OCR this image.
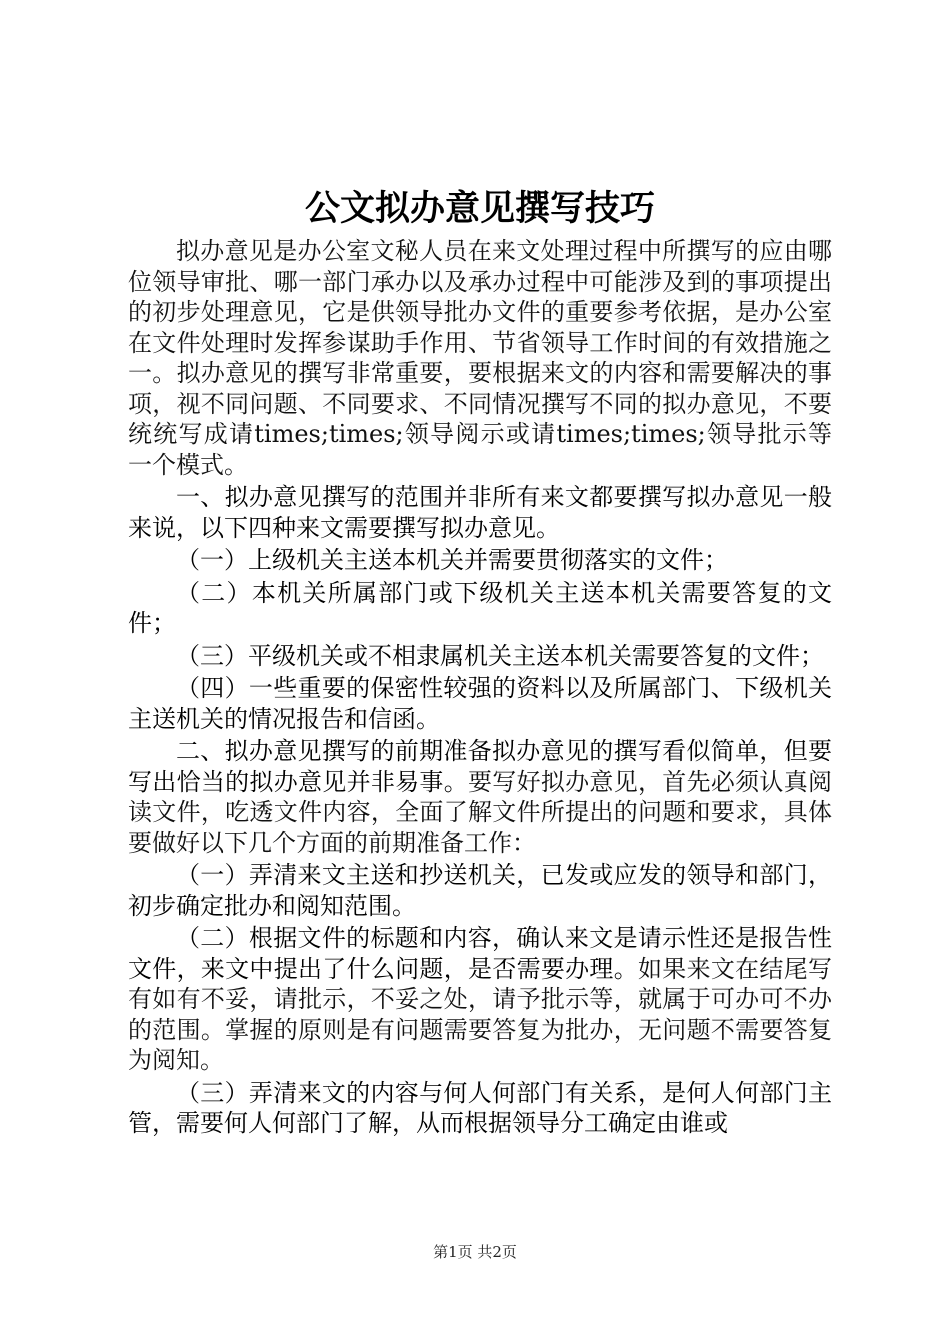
公文拟办意见撰写技巧

拟办意见是办公室文秘人员在来文处理过程中所撰写的应由哪位领导审批、哪一部门承办以及承办过程中可能涉及到的事项提出的初步处理意见，它是供领导批办文件的重要参考依据，是办公室在文件处理时发挥参谋助手作用、节省领导工作时间的有效措施之一。拟办意见的撰写非常重要，要根据来文的内容和需要解决的事项，视不同问题、不同要求、不同情况撰写不同的拟办意见，不要统统写成请times;times;领导阅示或请times;times;领导批示等一个模式。

一、拟办意见撰写的范围并非所有来文都要撰写拟办意见一般来说，以下四种来文需要撰写拟办意见。

（一）上级机关主送本机关并需要贯彻落实的文件；

（二）本机关所属部门或下级机关主送本机关需要答复的文件；

（三）平级机关或不相隶属机关主送本机关需要答复的文件；

（四）一些重要的保密性较强的资料以及所属部门、下级机关主送机关的情况报告和信函。

二、拟办意见撰写的前期准备拟办意见的撰写看似简单，但要写出恰当的拟办意见并非易事。要写好拟办意见，首先必须认真阅读文件，吃透文件内容，全面了解文件所提出的问题和要求，具体要做好以下几个方面的前期准备工作：

（一）弄清来文主送和抄送机关，已发或应发的领导和部门，初步确定批办和阅知范围。

（二）根据文件的标题和内容，确认来文是请示性还是报告性文件，来文中提出了什么问题，是否需要办理。如果来文在结尾写有如有不妥，请批示，不妥之处，请予批示等，就属于可办可不办的范围。掌握的原则是有问题需要答复为批办，无问题不需要答复为阅知。

（三）弄清来文的内容与何人何部门有关系，是何人何部门主管，需要何人何部门了解，从而根据领导分工确定由谁或

第1页 共2页
